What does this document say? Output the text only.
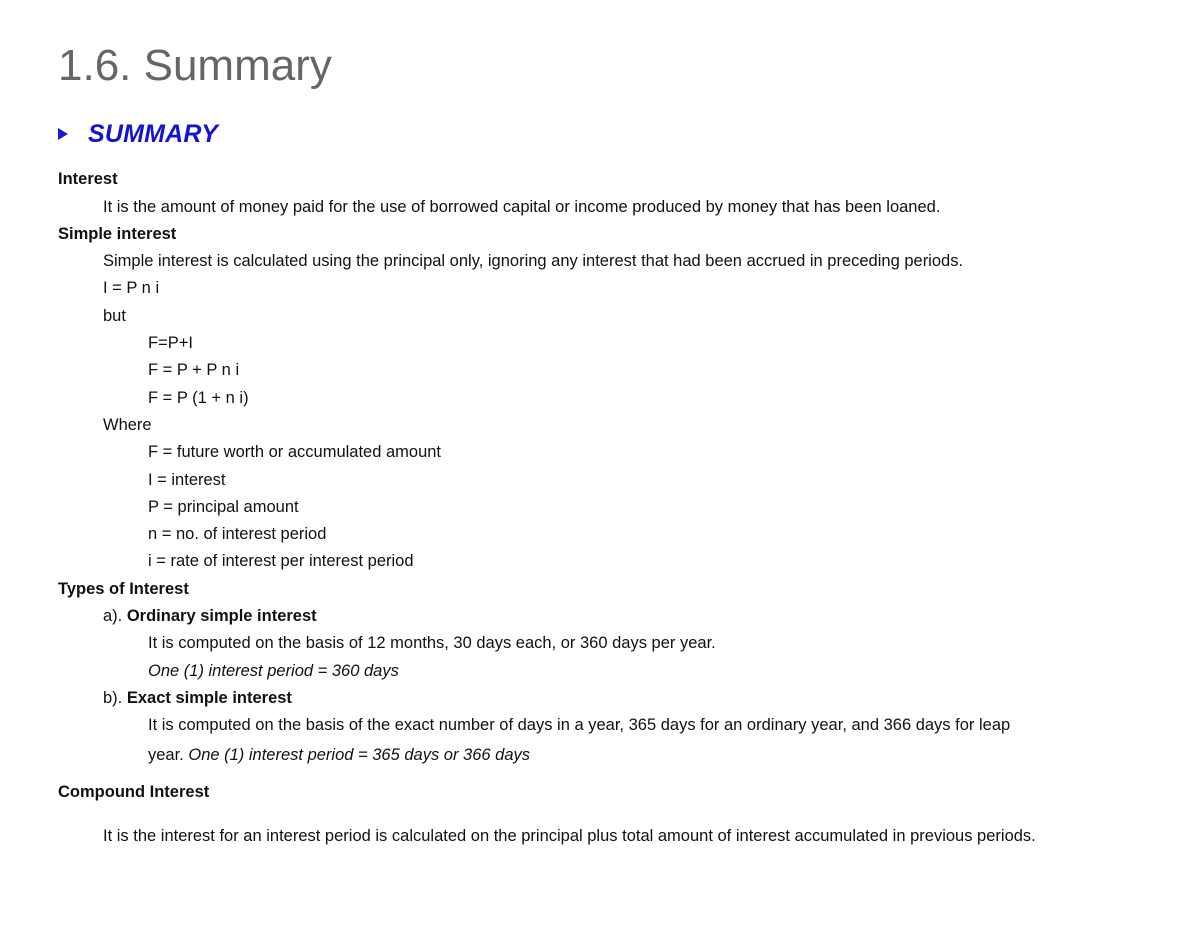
1.6. Summary
SUMMARY
Interest
It is the amount of money paid for the use of borrowed capital or income produced by money that has been loaned.
Simple interest
Simple interest is calculated using the principal only, ignoring any interest that had been accrued in preceding periods.
I = P n i
but
F=P+I
F = P + P n i
F = P (1 + n i)
Where
F = future worth or accumulated amount
I = interest
P = principal amount
n = no. of interest period
i = rate of interest per interest period
Types of Interest
a). Ordinary simple interest
It is computed on the basis of 12 months, 30 days each, or 360 days per year.
One (1) interest period = 360 days
b). Exact simple interest
It is computed on the basis of the exact number of days in a year, 365 days for an ordinary year, and 366 days for leap
year. One (1) interest period = 365 days or 366 days
Compound Interest
It is the interest for an interest period is calculated on the principal plus total amount of interest accumulated in previous periods.
